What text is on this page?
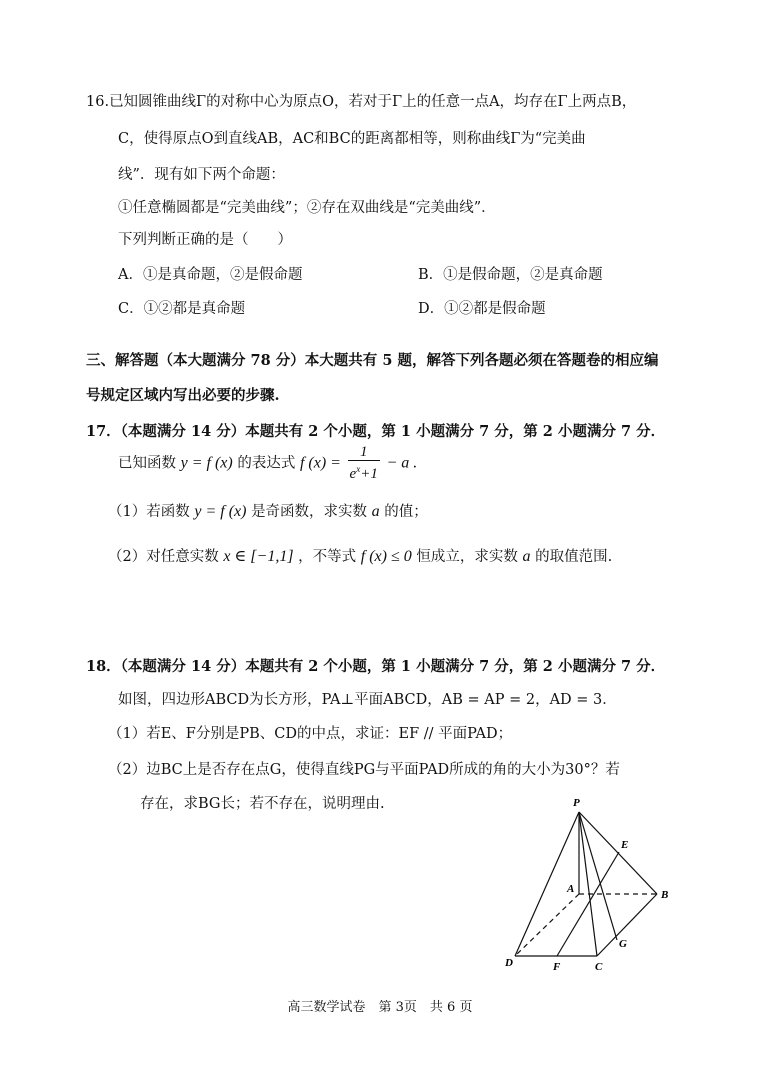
16.已知圆锥曲线Γ的对称中心为原点O，若对于Γ上的任意一点A，均存在Γ上两点B，
C，使得原点O到直线AB，AC和BC的距离都相等，则称曲线Γ为“完美曲
线”．现有如下两个命题：
①任意椭圆都是“完美曲线”；②存在双曲线是“完美曲线”．
下列判断正确的是（　　）
A．①是真命题，②是假命题	B．①是假命题，②是真命题
C．①②都是真命题	D．①②都是假命题
三、解答题（本大题满分 78 分）本大题共有 5 题，解答下列各题必须在答题卷的相应编
号规定区域内写出必要的步骤.
17．（本题满分 14 分）本题共有 2 个小题，第 1 小题满分 7 分，第 2 小题满分 7 分．
已知函数 y = f (x) 的表达式 f $(x) = \frac{1}{e^x+1} - a$ .
（1）若函数 y = f (x) 是奇函数，求实数 a 的值；
（2）对任意实数 x ∈ [−1,1] ，不等式 f (x) ≤ 0 恒成立，求实数 a 的取值范围.
18．（本题满分 14 分）本题共有 2 个小题，第 1 小题满分 7 分，第 2 小题满分 7 分．
如图，四边形ABCD为长方形，PA⊥平面ABCD，AB = AP = 2，AD = 3．
（1）若E、F分别是PB、CD的中点，求证：EF // 平面PAD；
（2）边BC上是否存在点G，使得直线PG与平面PAD所成的角的大小为30°？若
存在，求BG长；若不存在，说明理由.	P
E
A	B
G
D	F	C
高三数学试卷　第 3页　共 6 页
